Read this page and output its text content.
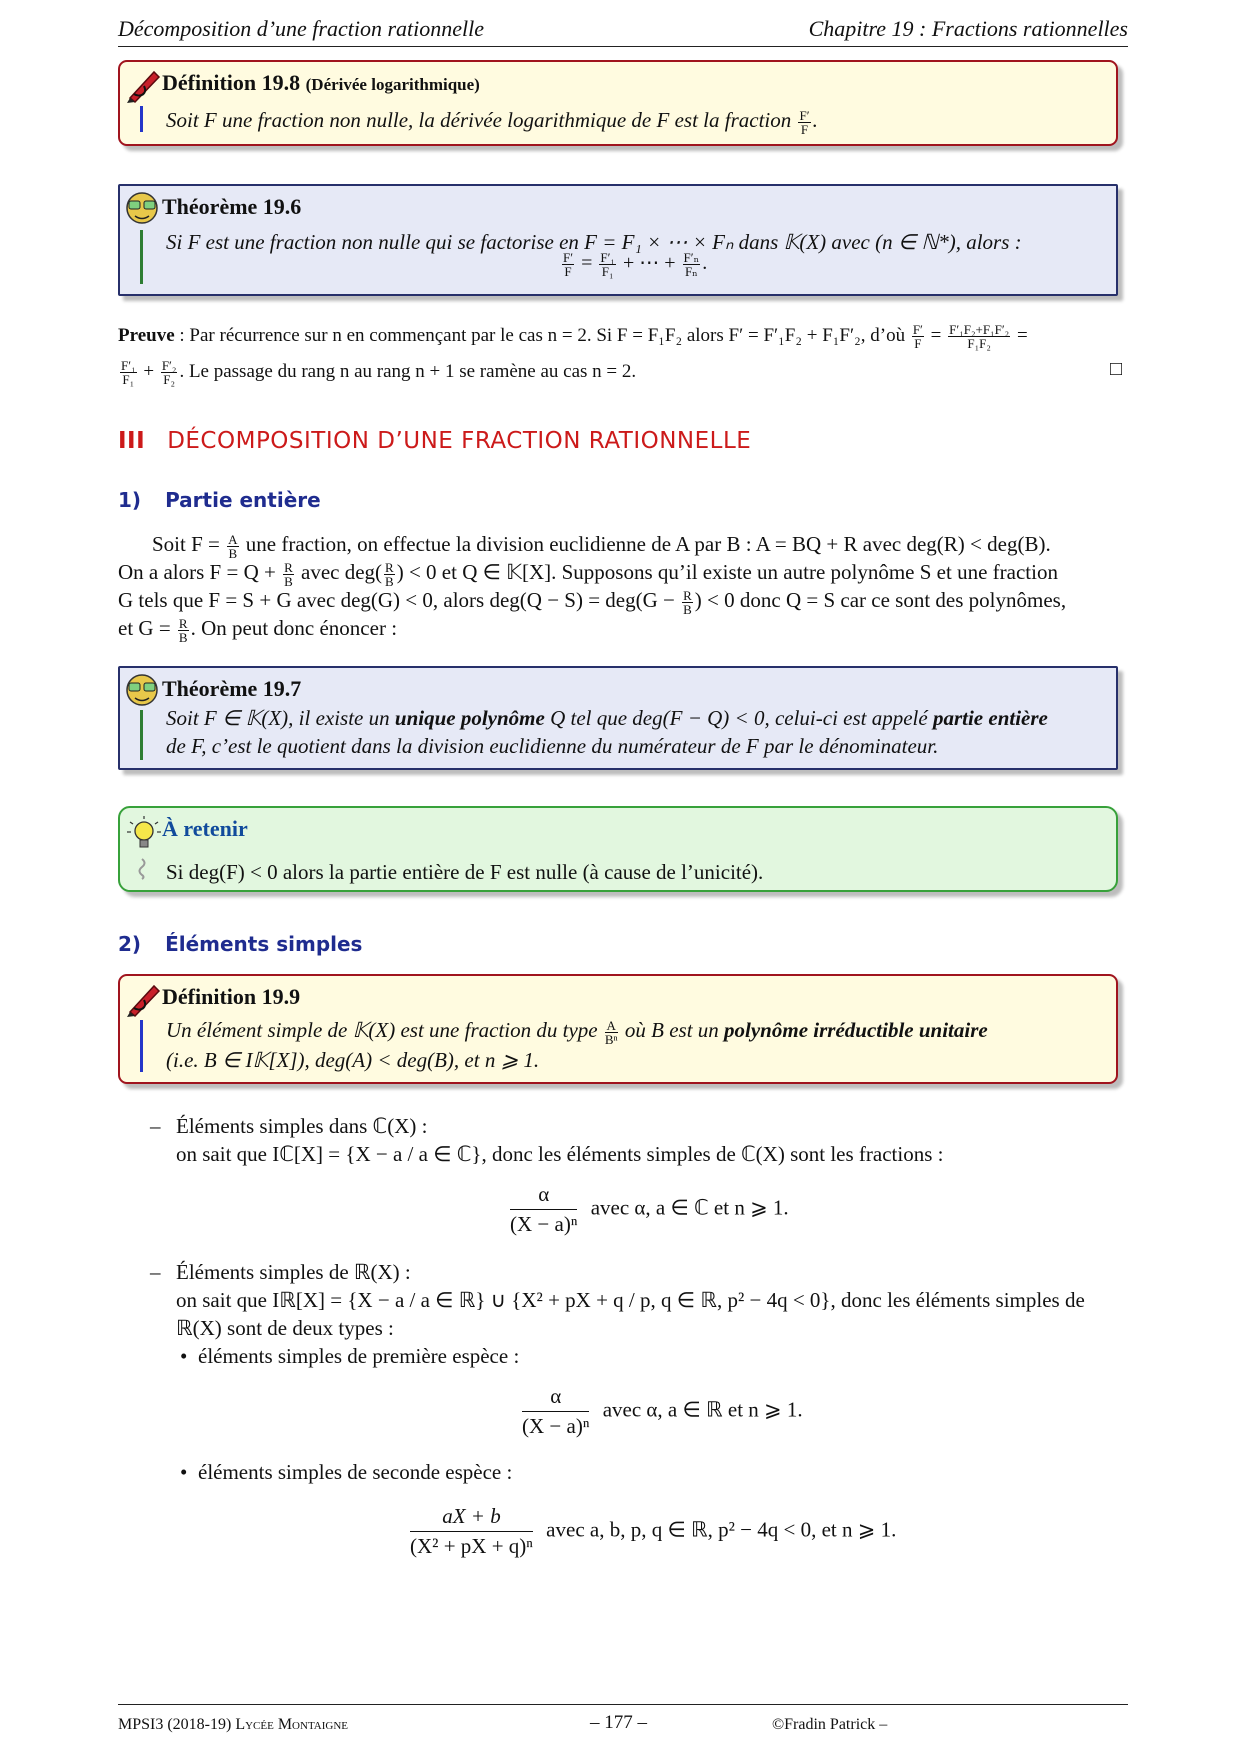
Décomposition d’une fraction rationnelle	Chapitre 19 : Fractions rationnelles
Définition 19.8 (Dérivée logarithmique)
Soit F une fraction non nulle, la dérivée logarithmique de F est la fraction $\frac{F'}{F}$ .
Théorème 19.6
Si F est une fraction non nulle qui se factorise en F = F₁ × ⋯ × Fₙ dans 𝕂(X) avec (n ∈ ℕ*), alors :
$\frac{F'}{F} = \frac{\text{F′₁}}{\text{F₁}}$ + ⋯ + $\frac{\text{F′ₙ}}{\text{Fₙ}}$ .
Preuve : Par récurrence sur n en commençant par le cas n = 2. Si F = F₁F₂ alors F′ = F′₁F₂ + F₁F′₂, d’où $\frac{F'}{F} = \frac{\text{F′₁F₂+F₁F′₂}}{\text{F₁F₂}}$ =
$\frac{\text{F′₁}}{\text{F₁}} + \frac{\text{F′₂}}{\text{F₂}}$ . Le passage du rang n au rang n + 1 se ramène au cas n = 2.	□
III DÉCOMPOSITION D’UNE FRACTION RATIONNELLE
1) Partie entière
Soit $F = \frac{A}{B}$ une fraction, on effectue la division euclidienne de A par B : A = BQ + R avec deg(R) < deg(B).
On a alors $F = Q + \frac{R}{B}$ avec $deg( \frac{R}{B}$ ) < 0 et Q ∈ 𝕂[X]. Supposons qu’il existe un autre polynôme S et une fraction
G tels que F = S + G avec deg(G) < 0, alors $deg(Q - S) = deg(G - \frac{R}{B}$ ) < 0 donc Q = S car ce sont des polynômes,
et $G = \frac{R}{B}$ . On peut donc énoncer :
Théorème 19.7
Soit F ∈ 𝕂(X), il existe un unique polynôme Q tel que deg(F − Q) < 0, celui-ci est appelé partie entière
de F, c’est le quotient dans la division euclidienne du numérateur de F par le dénominateur.
À retenir
Si deg(F) < 0 alors la partie entière de F est nulle (à cause de l’unicité).
2) Éléments simples
Définition 19.9
Un élément simple de 𝕂(X) est une fraction du type $\frac{A}{\text{Bⁿ}}$ où B est un polynôme irréductible unitaire
(i.e. B ∈ I𝕂[X]), deg(A) < deg(B), et n ⩾ 1.
– Éléments simples dans ℂ(X) :
on sait que Iℂ[X] = {X − a / a ∈ ℂ}, donc les éléments simples de ℂ(X) sont les fractions :
$\frac{\alpha}{\text{(X − a)ⁿ}}$ avec α, a ∈ ℂ et n ⩾ 1.
– Éléments simples de ℝ(X) :
on sait que Iℝ[X] = {X − a / a ∈ ℝ} ∪ {X² + pX + q / p, q ∈ ℝ, p² − 4q < 0}, donc les éléments simples de
ℝ(X) sont de deux types :
• éléments simples de première espèce :
$\frac{\alpha}{\text{(X − a)ⁿ}}$ avec α, a ∈ ℝ et n ⩾ 1.
• éléments simples de seconde espèce :
$\frac{aX + b}{\text{(X² + pX + q)ⁿ}}$ avec a, b, p, q ∈ ℝ, p² − 4q < 0, et n ⩾ 1.
MPSI3 (2018-19) Lycée Montaigne	– 177 –	©Fradin Patrick –
